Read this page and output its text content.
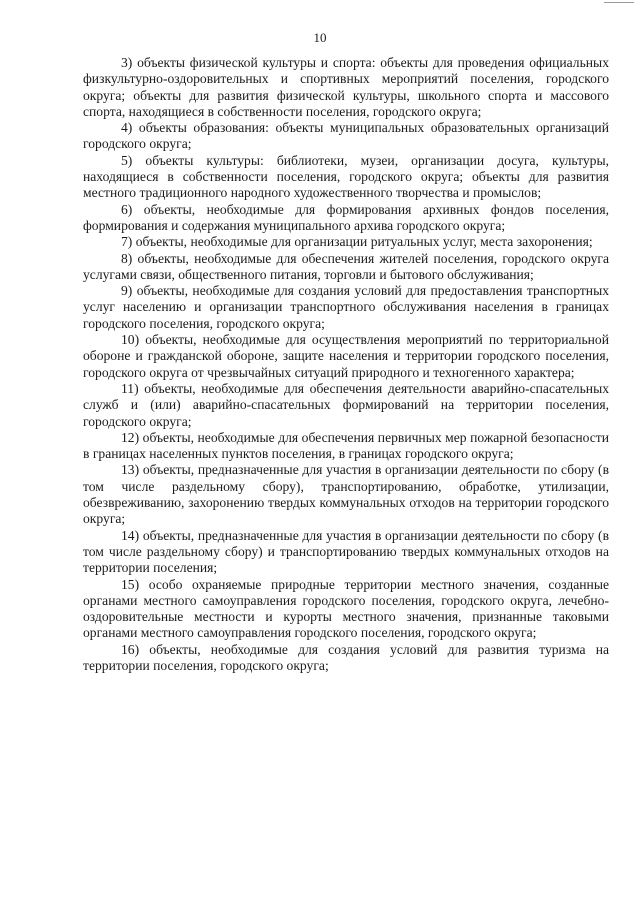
10

3) объекты физической культуры и спорта: объекты для проведения официальных физкультурно-оздоровительных и спортивных мероприятий поселения, городского округа; объекты для развития физической культуры, школьного спорта и массового спорта, находящиеся в собственности поселения, городского округа;

4) объекты образования: объекты муниципальных образовательных организаций городского округа;

5) объекты культуры: библиотеки, музеи, организации досуга, культуры, находящиеся в собственности поселения, городского округа; объекты для развития местного традиционного народного художественного творчества и промыслов;

6) объекты, необходимые для формирования архивных фондов поселения, формирования и содержания муниципального архива городского округа;

7) объекты, необходимые для организации ритуальных услуг, места захоронения;

8) объекты, необходимые для обеспечения жителей поселения, городского округа услугами связи, общественного питания, торговли и бытового обслуживания;

9) объекты, необходимые для создания условий для предоставления транспортных услуг населению и организации транспортного обслуживания населения в границах городского поселения, городского округа;

10) объекты, необходимые для осуществления мероприятий по территориальной обороне и гражданской обороне, защите населения и территории городского поселения, городского округа от чрезвычайных ситуаций природного и техногенного характера;

11) объекты, необходимые для обеспечения деятельности аварийно-спасательных служб и (или) аварийно-спасательных формирований на территории поселения, городского округа;

12) объекты, необходимые для обеспечения первичных мер пожарной безопасности в границах населенных пунктов поселения, в границах городского округа;

13) объекты, предназначенные для участия в организации деятельности по сбору (в том числе раздельному сбору), транспортированию, обработке, утилизации, обезвреживанию, захоронению твердых коммунальных отходов на территории городского округа;

14) объекты, предназначенные для участия в организации деятельности по сбору (в том числе раздельному сбору) и транспортированию твердых коммунальных отходов на территории поселения;

15) особо охраняемые природные территории местного значения, созданные органами местного самоуправления городского поселения, городского округа, лечебно-оздоровительные местности и курорты местного значения, признанные таковыми органами местного самоуправления городского поселения, городского округа;

16) объекты, необходимые для создания условий для развития туризма на территории поселения, городского округа;
